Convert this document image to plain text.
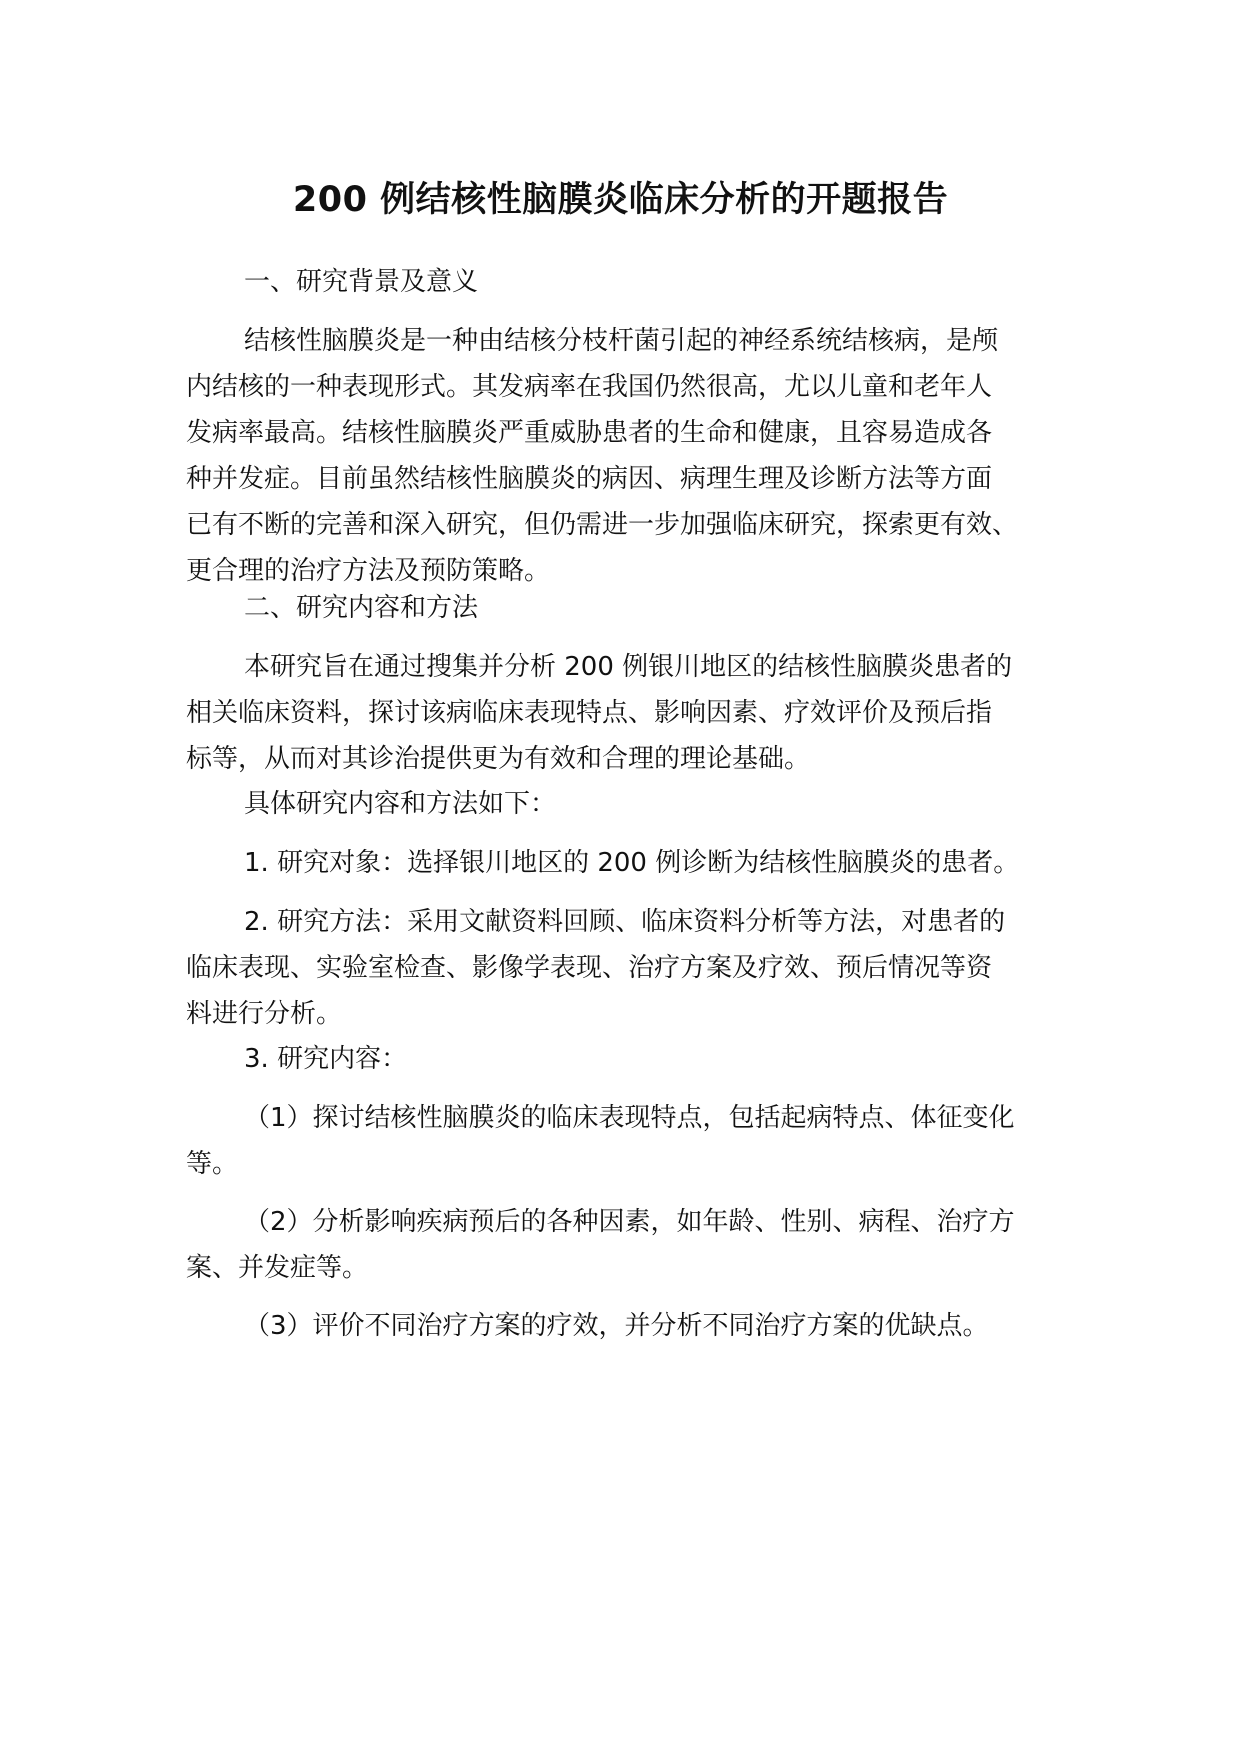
200 例结核性脑膜炎临床分析的开题报告
一、研究背景及意义
结核性脑膜炎是一种由结核分枝杆菌引起的神经系统结核病，是颅
内结核的一种表现形式。其发病率在我国仍然很高，尤以儿童和老年人
发病率最高。结核性脑膜炎严重威胁患者的生命和健康，且容易造成各
种并发症。目前虽然结核性脑膜炎的病因、病理生理及诊断方法等方面
已有不断的完善和深入研究，但仍需进一步加强临床研究，探索更有效、
更合理的治疗方法及预防策略。
二、研究内容和方法
本研究旨在通过搜集并分析 200 例银川地区的结核性脑膜炎患者的
相关临床资料，探讨该病临床表现特点、影响因素、疗效评价及预后指
标等，从而对其诊治提供更为有效和合理的理论基础。
具体研究内容和方法如下：
1. 研究对象：选择银川地区的 200 例诊断为结核性脑膜炎的患者。
2. 研究方法：采用文献资料回顾、临床资料分析等方法，对患者的
临床表现、实验室检查、影像学表现、治疗方案及疗效、预后情况等资
料进行分析。
3. 研究内容：
（1）探讨结核性脑膜炎的临床表现特点，包括起病特点、体征变化
等。
（2）分析影响疾病预后的各种因素，如年龄、性别、病程、治疗方
案、并发症等。
（3）评价不同治疗方案的疗效，并分析不同治疗方案的优缺点。
